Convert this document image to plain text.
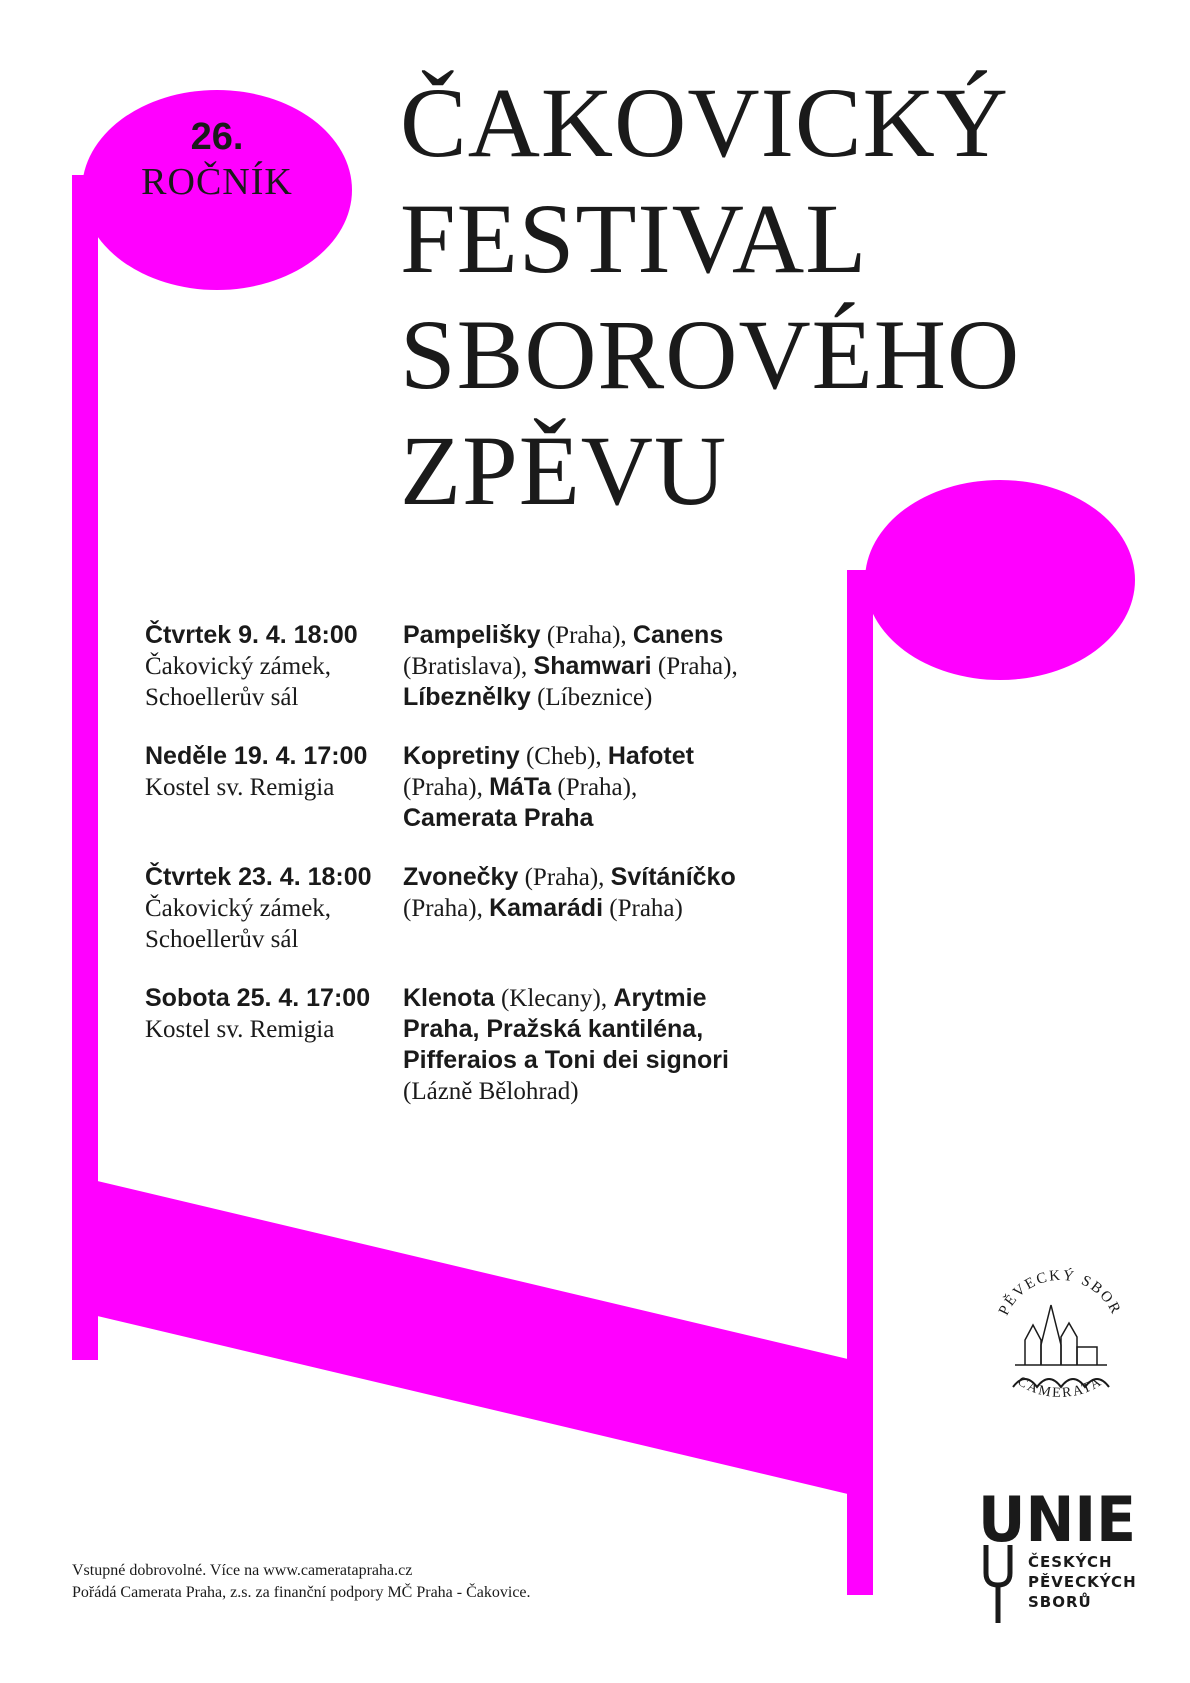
26.
ROČNÍK
ČAKOVICKÝ
FESTIVAL
SBOROVÉHO
ZPĚVU
Čtvrtek 9. 4. 18:00
Čakovický zámek,
Schoellerův sál
Pampelišky (Praha), Canens
(Bratislava), Shamwari (Praha),
Líbeznělky (Líbeznice)
Neděle 19. 4. 17:00
Kostel sv. Remigia
Kopretiny (Cheb), Hafotet
(Praha), MáTa (Praha),
Camerata Praha
Čtvrtek 23. 4. 18:00
Čakovický zámek,
Schoellerův sál
Zvonečky (Praha), Svítáníčko
(Praha), Kamarádi (Praha)
Sobota 25. 4. 17:00
Kostel sv. Remigia
Klenota (Klecany), Arytmie
Praha, Pražská kantiléna,
Pifferaios a Toni dei signori
(Lázně Bělohrad)
PĚVECKÝ SBOR
CAMERATA
UNIE
ČESKÝCH
PĚVECKÝCH
SBORŮ
Vstupné dobrovolné. Více na www.cameratapraha.cz
Pořádá Camerata Praha, z.s. za finanční podpory MČ Praha - Čakovice.
